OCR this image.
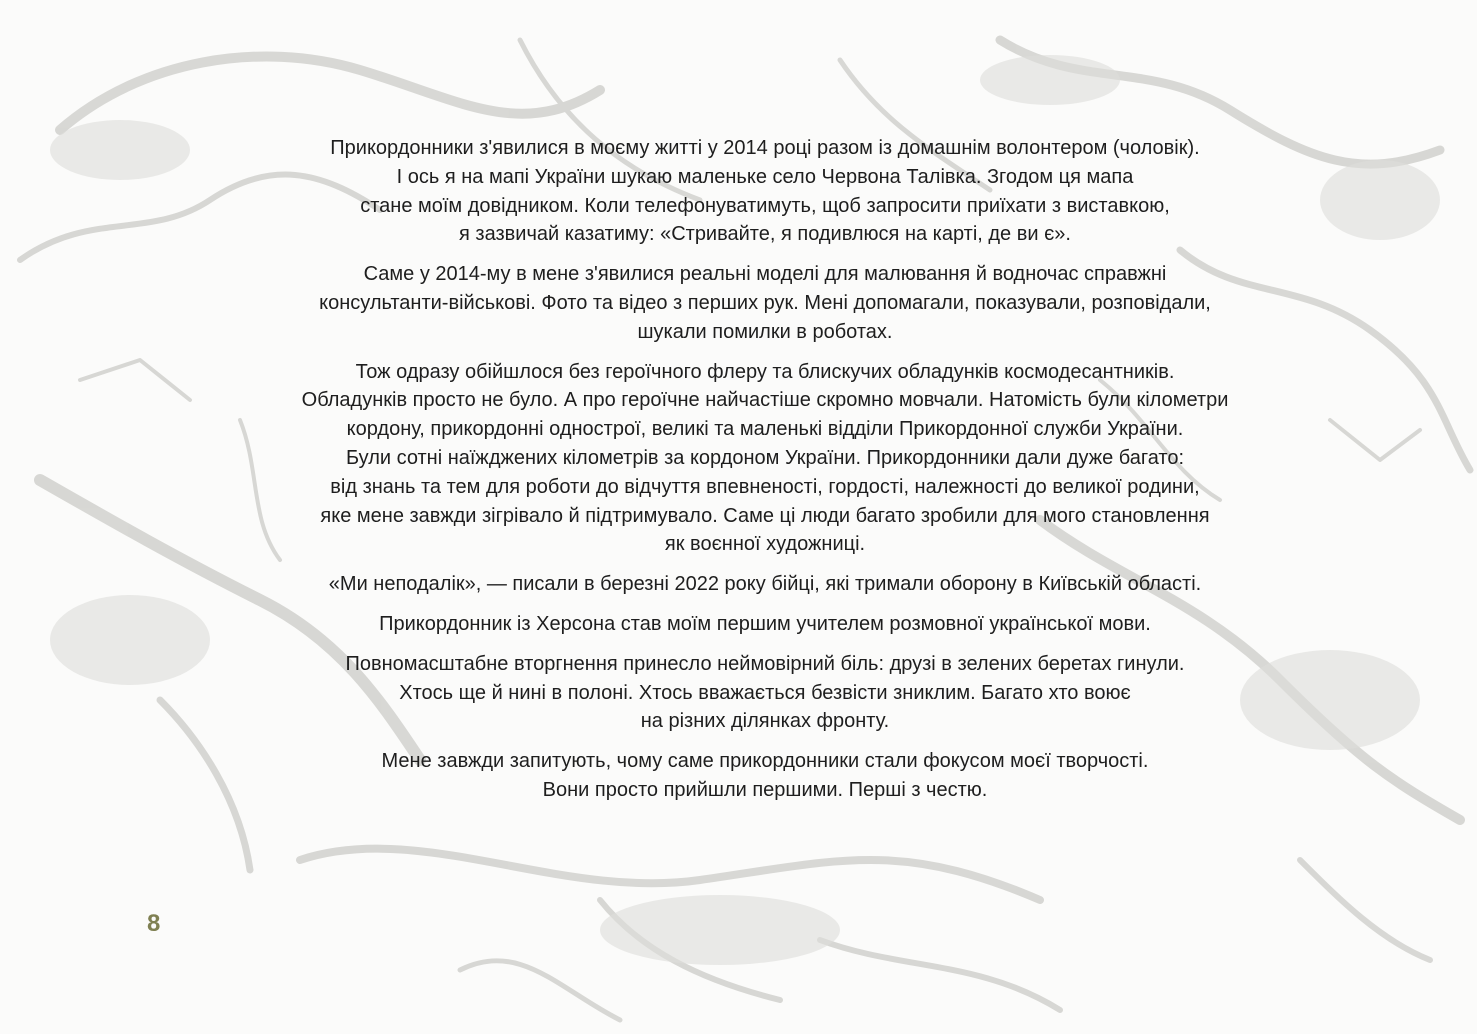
Прикордонники з'явилися в моєму житті у 2014 році разом із домашнім волонтером (чоловік).
І ось я на мапі України шукаю маленьке село Червона Талівка. Згодом ця мапа
стане моїм довідником. Коли телефонуватимуть, щоб запросити приїхати з виставкою,
я зазвичай казатиму: «Стривайте, я подивлюся на карті, де ви є».

Саме у 2014-му в мене з'явилися реальні моделі для малювання й водночас справжні
консультанти-військові. Фото та відео з перших рук. Мені допомагали, показували, розповідали,
шукали помилки в роботах.

Тож одразу обійшлося без героїчного флеру та блискучих обладунків космодесантників.
Обладунків просто не було. А про героїчне найчастіше скромно мовчали. Натомість були кілометри
кордону, прикордонні однострої, великі та маленькі відділи Прикордонної служби України.
Були сотні наїжджених кілометрів за кордоном України. Прикордонники дали дуже багато:
від знань та тем для роботи до відчуття впевненості, гордості, належності до великої родини,
яке мене завжди зігрівало й підтримувало. Саме ці люди багато зробили для мого становлення
як воєнної художниці.

«Ми неподалік», — писали в березні 2022 року бійці, які тримали оборону в Київській області.

Прикордонник із Херсона став моїм першим учителем розмовної української мови.

Повномасштабне вторгнення принесло неймовірний біль: друзі в зелених беретах гинули.
Хтось ще й нині в полоні. Хтось вважається безвісти зниклим. Багато хто воює
на різних ділянках фронту.

Мене завжди запитують, чому саме прикордонники стали фокусом моєї творчості.
Вони просто прийшли першими. Перші з честю.

8
